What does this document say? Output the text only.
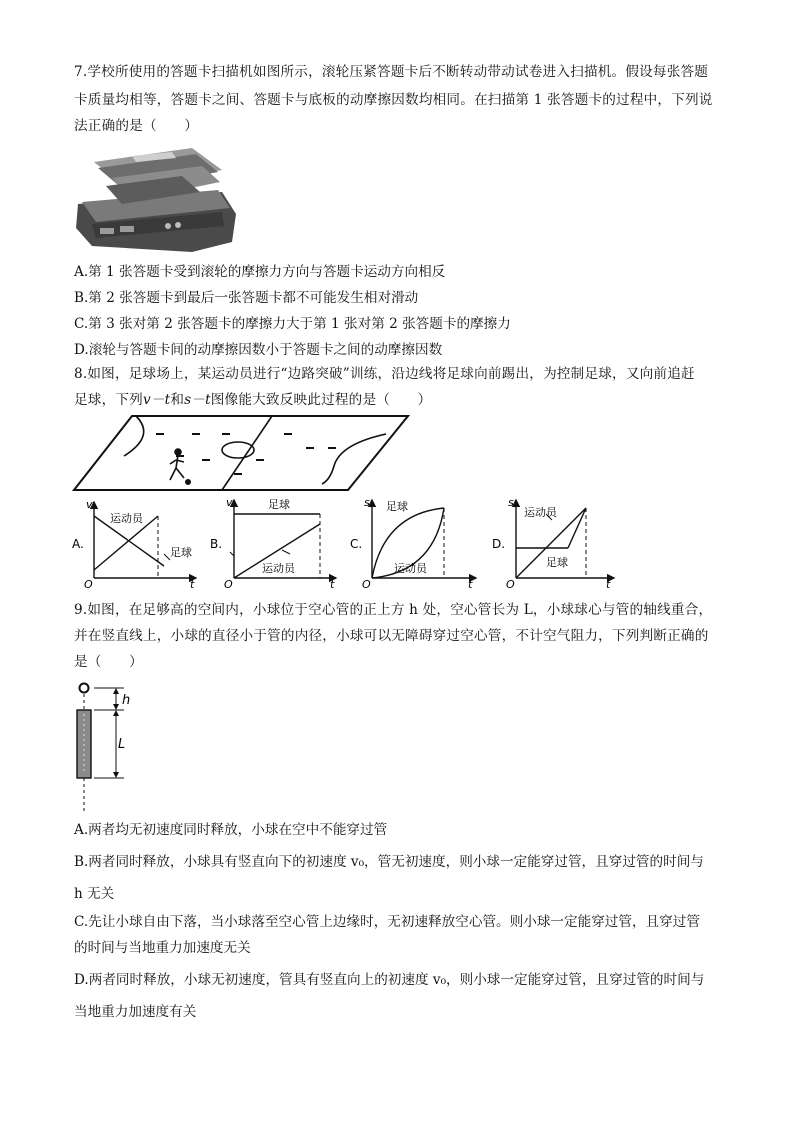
7.学校所使用的答题卡扫描机如图所示，滚轮压紧答题卡后不断转动带动试卷进入扫描机。假设每张答题
卡质量均相等，答题卡之间、答题卡与底板的动摩擦因数均相同。在扫描第 1 张答题卡的过程中，下列说
法正确的是（　　）
A.第 1 张答题卡受到滚轮的摩擦力方向与答题卡运动方向相反
B.第 2 张答题卡到最后一张答题卡都不可能发生相对滑动
C.第 3 张对第 2 张答题卡的摩擦力大于第 1 张对第 2 张答题卡的摩擦力
D.滚轮与答题卡间的动摩擦因数小于答题卡之间的动摩擦因数
8.如图，足球场上，某运动员进行“边路突破”训练，沿边线将足球向前踢出，为控制足球，又向前追赶
足球，下列v－t和s－t图像能大致反映此过程的是（　　）
v
t
O
运动员
足球
A.
v
t
O
足球
运动员
B.
s
t
O
足球
运动员
C.
s
t
O
运动员
足球
D.
9.如图，在足够高的空间内，小球位于空心管的正上方 h 处，空心管长为 L，小球球心与管的轴线重合，
并在竖直线上，小球的直径小于管的内径，小球可以无障碍穿过空心管，不计空气阻力，下列判断正确的
是（　　）
h
L
A.两者均无初速度同时释放，小球在空中不能穿过管
B.两者同时释放，小球具有竖直向下的初速度 v₀，管无初速度，则小球一定能穿过管，且穿过管的时间与
h 无关
C.先让小球自由下落，当小球落至空心管上边缘时，无初速释放空心管。则小球一定能穿过管，且穿过管
的时间与当地重力加速度无关
D.两者同时释放，小球无初速度，管具有竖直向上的初速度 v₀，则小球一定能穿过管，且穿过管的时间与
当地重力加速度有关
